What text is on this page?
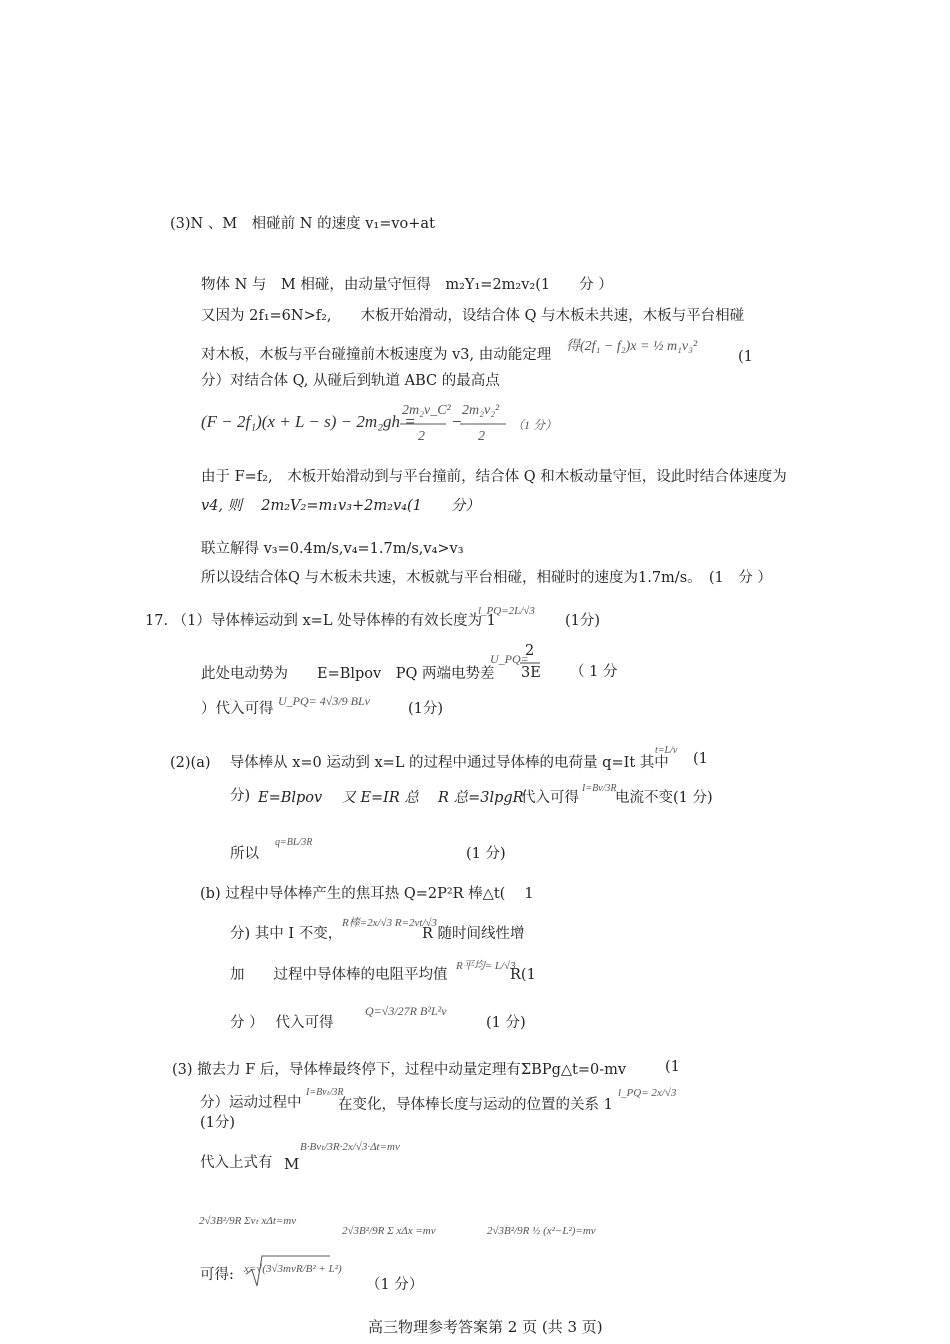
(3)N 、M　相碰前 N 的速度 v₁=vo+at
物体 N 与　M 相碰，由动量守恒得　m₂Y₁=2m₂v₂(1　　分 ）
又因为 2f₁=6N>f₂,　　木板开始滑动，设结合体 Q 与木板未共速，木板与平台相碰
对木板，木板与平台碰撞前木板速度为 v3, 由动能定理
得(2f₁ − f₂)x = ½ m₁v₃²
(1
分）对结合体 Q, 从碰后到轨道 ABC 的最高点
(F − 2f₁)(x + L − s) − 2m₂gh =
2m₂v_C²
2
−
2m₂v₂²
2
（1 分）
由于 F=f₂,　木板开始滑动到与平台撞前，结合体 Q 和木板动量守恒，设此时结合体速度为
v4, 则　 2m₂V₂=m₁v₃+2m₂v₄(1　　分）
联立解得 v₃=0.4m/s,v₄=1.7m/s,v₄>v₃
所以设结合体Q 与木板未共速，木板就与平台相碰，相碰时的速度为1.7m/s。　(1　分 ）
17. （1）导体棒运动到 x=L 处导体棒的有效长度为 1
l_PQ=2L/√3
(1分)
此处电动势为　　E=Blpov　PQ 两端电势差
U_PQ=
2
3E （ 1 分
）代入可得 U_PQ= 4√3/9 BLv	(1分)
(2)(a)　 导体棒从 x=0 运动到 x=L 的过程中通过导体棒的电荷量 q=It 其中
t=L/v
(1
分) E=Blpov　 又 E=IR 总　 R 总=3lpgR
代入可得
I=Bv/3R
电流不变(1 分)
所以
q=BL/3R
(1 分)
(b) 过程中导体棒产生的焦耳热 Q=2P²R 棒△t(　 1
分) 其中 I 不变，
R棒=2x/√3 R=2vt/√3
R 随时间线性增
加　　过程中导体棒的电阻平均值
R平均= L/√3
R(1
分 ）　 代入可得
Q=√3/27R B²L²v
(1 分)
(3) 撤去力 F 后，导体棒最终停下，过程中动量定理有ΣBPg△t=0-mv	(1
分）运动过程中
I=Bvₜ/3R
在变化，导体棒长度与运动的位置的关系 1
l_PQ= 2x/√3
(1分)
代入上式有 M
B·Bvₜ/3R·2x/√3·Δt=mv
2√3B²/9R Σvₜ xΔt=mv
2√3B²/9R Σ xΔx =mv	2√3B²/9R ½ (x²−L²)=mv
可得: x=√(3√3mvR/B² + L²)
（1 分）
高三物理参考答案第 2 页 (共 3 页)
